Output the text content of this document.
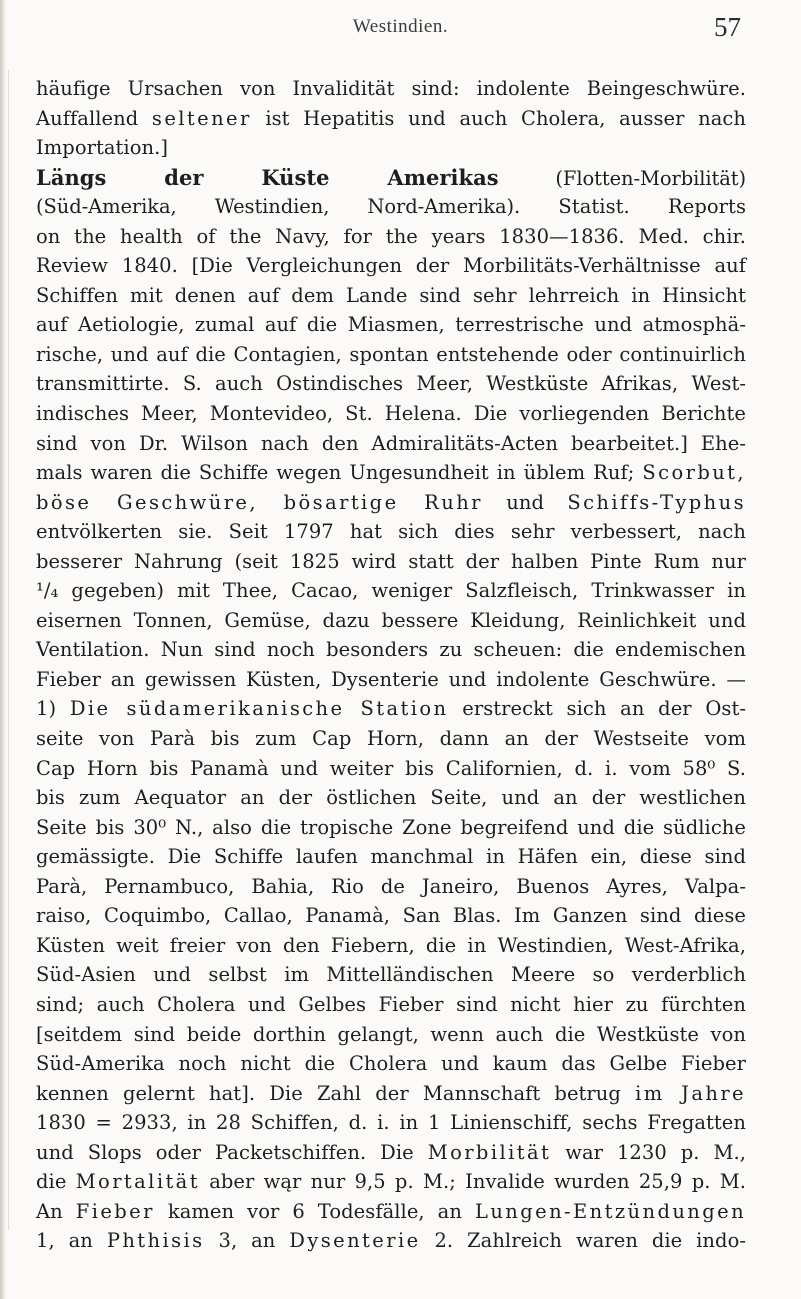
Westindien.	57
häufige Ursachen von Invalidität sind: indolente Beingeschwüre.
Auffallend seltener ist Hepatitis und auch Cholera, ausser nach
Importation.]
Längs der Küste Amerikas	(Flotten-Morbilität)
(Süd-Amerika, Westindien, Nord-Amerika). Statist. Reports
on the health of the Navy, for the years 1830—1836. Med. chir.
Review 1840. [Die Vergleichungen der Morbilitäts-Verhältnisse auf
Schiffen mit denen auf dem Lande sind sehr lehrreich in Hinsicht
auf Aetiologie, zumal auf die Miasmen, terrestrische und atmosphä-
rische, und auf die Contagien, spontan entstehende oder continuirlich
transmittirte. S. auch Ostindisches Meer, Westküste Afrikas, West-
indisches Meer, Montevideo, St. Helena. Die vorliegenden Berichte
sind von Dr. Wilson nach den Admiralitäts-Acten bearbeitet.] Ehe-
mals waren die Schiffe wegen Ungesundheit in üblem Ruf; Scorbut,
böse Geschwüre, bösartige Ruhr und Schiffs-Typhus
entvölkerten sie. Seit 1797 hat sich dies sehr verbessert, nach
besserer Nahrung (seit 1825 wird statt der halben Pinte Rum nur
¹/₄ gegeben) mit Thee, Cacao, weniger Salzfleisch, Trinkwasser in
eisernen Tonnen, Gemüse, dazu bessere Kleidung, Reinlichkeit und
Ventilation. Nun sind noch besonders zu scheuen: die endemischen
Fieber an gewissen Küsten, Dysenterie und indolente Geschwüre. —
1) Die südamerikanische Station erstreckt sich an der Ost-
seite von Parà bis zum Cap Horn, dann an der Westseite vom
Cap Horn bis Panamà und weiter bis Californien, d. i. vom 58⁰ S.
bis zum Aequator an der östlichen Seite, und an der westlichen
Seite bis 30⁰ N., also die tropische Zone begreifend und die südliche
gemässigte. Die Schiffe laufen manchmal in Häfen ein, diese sind
Parà, Pernambuco, Bahia, Rio de Janeiro, Buenos Ayres, Valpa-
raiso, Coquimbo, Callao, Panamà, San Blas. Im Ganzen sind diese
Küsten weit freier von den Fiebern, die in Westindien, West-Afrika,
Süd-Asien und selbst im Mittelländischen Meere so verderblich
sind; auch Cholera und Gelbes Fieber sind nicht hier zu fürchten
[seitdem sind beide dorthin gelangt, wenn auch die Westküste von
Süd-Amerika noch nicht die Cholera und kaum das Gelbe Fieber
kennen gelernt hat]. Die Zahl der Mannschaft betrug im Jahre
1830 = 2933, in 28 Schiffen, d. i. in 1 Linienschiff, sechs Fregatten
und Slops oder Packetschiffen. Die Morbilität war 1230 p. M.,
die Mortalität aber wąr nur 9,5 p. M.; Invalide wurden 25,9 p. M.
An Fieber kamen vor 6 Todesfälle, an Lungen-Entzündungen
1, an Phthisis 3, an Dysenterie 2. Zahlreich waren die indo-
